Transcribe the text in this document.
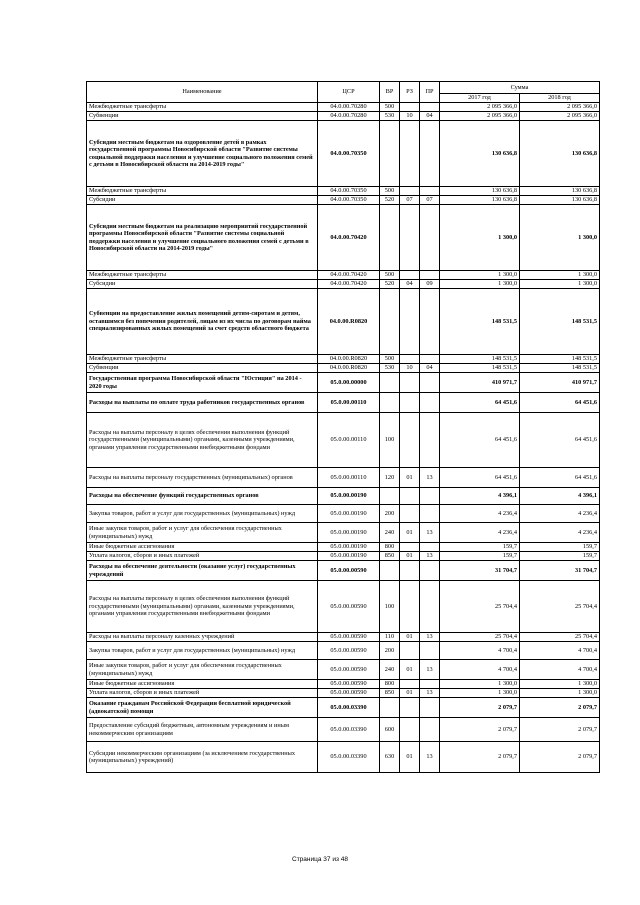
Наименование	ЦСР	ВР	РЗ	ПР	Сумма	
					2017 год	2018 год
Межбюджетные трансферты	04.0.00.70280	500			2 095 366,0	2 095 366,0
Субвенции	04.0.00.70280	530	10	04	2 095 366,0	2 095 366,0
Субсидии местным бюджетам на оздоровление детей в рамках государственной программы Новосибирской области "Развитие системы социальной поддержки населения и улучшение социального положения семей с детьми в Новосибирской области на 2014-2019 годы"	04.0.00.70350				130 636,8	130 636,8
Межбюджетные трансферты	04.0.00.70350	500			130 636,8	130 636,8
Субсидии	04.0.00.70350	520	07	07	130 636,8	130 636,8
Субсидии местным бюджетам на реализацию мероприятий государственной программы Новосибирской области "Развитие системы социальной поддержки населения и улучшение социального положения семей с детьми в Новосибирской области на 2014-2019 годы"	04.0.00.70420				1 300,0	1 300,0
Межбюджетные трансферты	04.0.00.70420	500			1 300,0	1 300,0
Субсидии	04.0.00.70420	520	04	09	1 300,0	1 300,0
Субвенции на предоставление жилых помещений детям-сиротам и детям, оставшимся без попечения родителей, лицам из их числа по договорам найма специализированных жилых помещений за счет средств областного бюджета	04.0.00.R0820				148 531,5	148 531,5
Межбюджетные трансферты	04.0.00.R0820	500			148 531,5	148 531,5
Субвенции	04.0.00.R0820	530	10	04	148 531,5	148 531,5
Государственная программа Новосибирской области "Юстиция" на 2014 - 2020 годы	05.0.00.00000				410 971,7	410 971,7
Расходы на выплаты по оплате труда работников государственных органов	05.0.00.00110				64 451,6	64 451,6
Расходы на выплаты персоналу в целях обеспечения выполнения функций государственными (муниципальными) органами, казенными учреждениями, органами управления государственными внебюджетными фондами	05.0.00.00110	100			64 451,6	64 451,6
Расходы на выплаты персоналу государственных (муниципальных) органов	05.0.00.00110	120	01	13	64 451,6	64 451,6
Расходы на обеспечение функций государственных органов	05.0.00.00190				4 396,1	4 396,1
Закупка товаров, работ и услуг для государственных (муниципальных) нужд	05.0.00.00190	200			4 236,4	4 236,4
Иные закупки товаров, работ и услуг для обеспечения государственных (муниципальных) нужд	05.0.00.00190	240	01	13	4 236,4	4 236,4
Иные бюджетные ассигнования	05.0.00.00190	800			159,7	159,7
Уплата налогов, сборов и иных платежей	05.0.00.00190	850	01	13	159,7	159,7
Расходы на обеспечение деятельности (оказание услуг) государственных учреждений	05.0.00.00590				31 704,7	31 704,7
Расходы на выплаты персоналу в целях обеспечения выполнения функций государственными (муниципальными) органами, казенными учреждениями, органами управления государственными внебюджетными фондами	05.0.00.00590	100			25 704,4	25 704,4
Расходы на выплаты персоналу казенных учреждений	05.0.00.00590	110	01	13	25 704,4	25 704,4
Закупка товаров, работ и услуг для государственных (муниципальных) нужд	05.0.00.00590	200			4 700,4	4 700,4
Иные закупки товаров, работ и услуг для обеспечения государственных (муниципальных) нужд	05.0.00.00590	240	01	13	4 700,4	4 700,4
Иные бюджетные ассигнования	05.0.00.00590	800			1 300,0	1 300,0
Уплата налогов, сборов и иных платежей	05.0.00.00590	850	01	13	1 300,0	1 300,0
Оказание гражданам Российской Федерации бесплатной юридической (адвокатской) помощи	05.0.00.03390				2 079,7	2 079,7
Предоставление субсидий бюджетным, автономным учреждениям и иным некоммерческим организациям	05.0.00.03390	600			2 079,7	2 079,7
Субсидии некоммерческим организациям (за исключением государственных (муниципальных) учреждений)	05.0.00.03390	630	01	13	2 079,7	2 079,7
Страница 37 из 48
